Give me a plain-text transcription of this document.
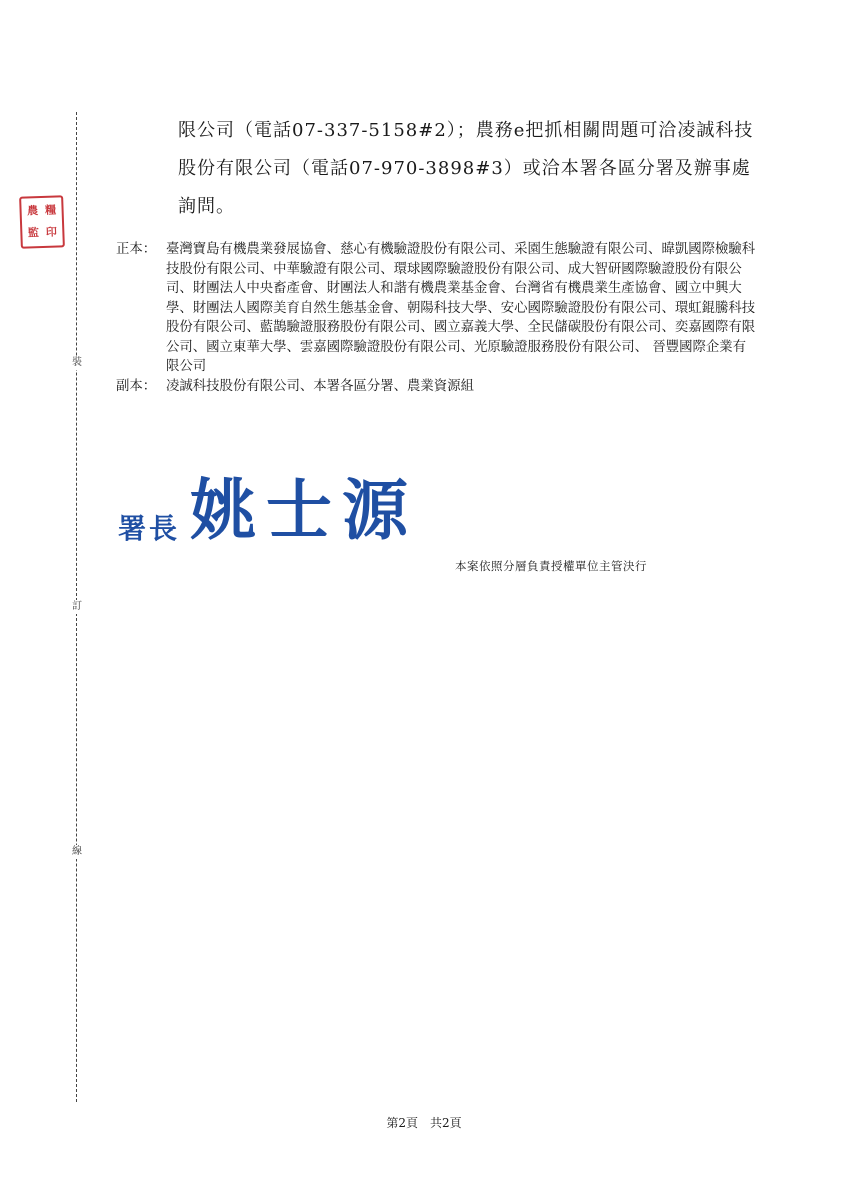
裝
訂
線
農 糧
監 印

限公司（電話07-337-5158#2）；農務e把抓相關問題可洽凌誠科技股份有限公司（電話07-970-3898#3）或洽本署各區分署及辦事處詢問。

正本： 臺灣寶島有機農業發展協會、慈心有機驗證股份有限公司、采園生態驗證有限公司、暐凱國際檢驗科技股份有限公司、中華驗證有限公司、環球國際驗證股份有限公司、成大智研國際驗證股份有限公司、財團法人中央畜產會、財團法人和諧有機農業基金會、台灣省有機農業生產協會、國立中興大學、財團法人國際美育自然生態基金會、朝陽科技大學、安心國際驗證股份有限公司、環虹錕騰科技股份有限公司、藍鵲驗證服務股份有限公司、國立嘉義大學、全民儲碳股份有限公司、奕嘉國際有限公司、國立東華大學、雲嘉國際驗證股份有限公司、光原驗證服務股份有限公司、 晉豐國際企業有限公司
副本： 凌誠科技股份有限公司、本署各區分署、農業資源組
署長 姚士源
本案依照分層負責授權單位主管決行
第2頁　共2頁
